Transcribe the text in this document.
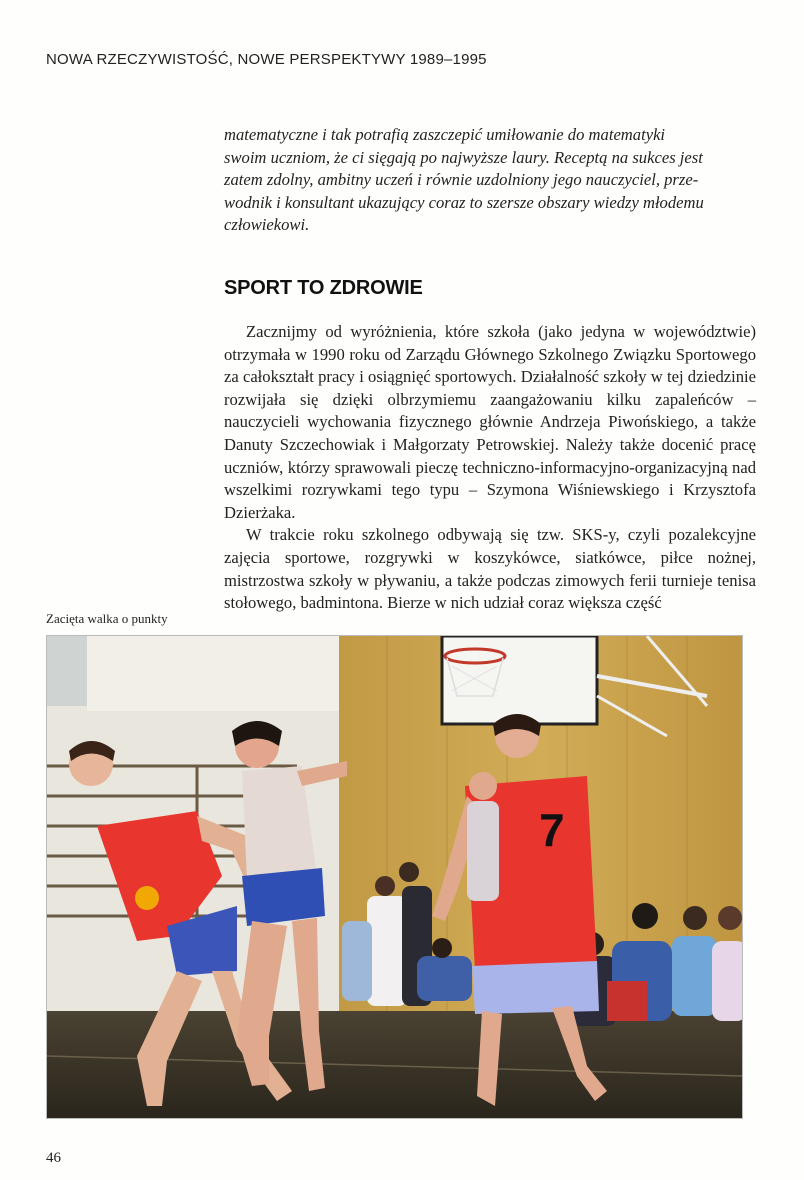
NOWA RZECZYWISTOŚĆ, NOWE PERSPEKTYWY 1989–1995

matematyczne i tak potrafią zaszczepić umiłowanie do matematyki

swoim uczniom, że ci sięgają po najwyższe laury. Receptą na sukces jest

zatem zdolny, ambitny uczeń i równie uzdolniony jego nauczyciel, prze-

wodnik i konsultant ukazujący coraz to szersze obszary wiedzy młodemu

człowiekowi.

SPORT TO ZDROWIE

Zacznijmy od wyróżnienia, które szkoła (jako jedyna w województwie) otrzymała w 1990 roku od Zarządu Głównego Szkolnego Związku Sportowego za całokształt pracy i osiągnięć sportowych. Działalność szkoły w tej dziedzinie rozwijała się dzięki olbrzymiemu zaangażowaniu kilku zapaleńców – nauczycieli wychowania fizycznego głównie Andrzeja Piwońskiego, a także Danuty Szczechowiak i Małgorzaty Petrowskiej. Należy także docenić pracę uczniów, którzy sprawowali pieczę techniczno-informacyjno-organizacyjną nad wszelkimi rozrywkami tego typu – Szymona Wiśniewskiego i Krzysztofa Dzierżaka.

W trakcie roku szkolnego odbywają się tzw. SKS-y, czyli pozalekcyjne zajęcia sportowe, rozgrywki w koszykówce, siatkówce, piłce nożnej, mistrzostwa szkoły w pływaniu, a także podczas zimowych ferii turnieje tenisa stołowego, badmintona. Bierze w nich udział coraz większa część

Zacięta walka o punkty
7
46
